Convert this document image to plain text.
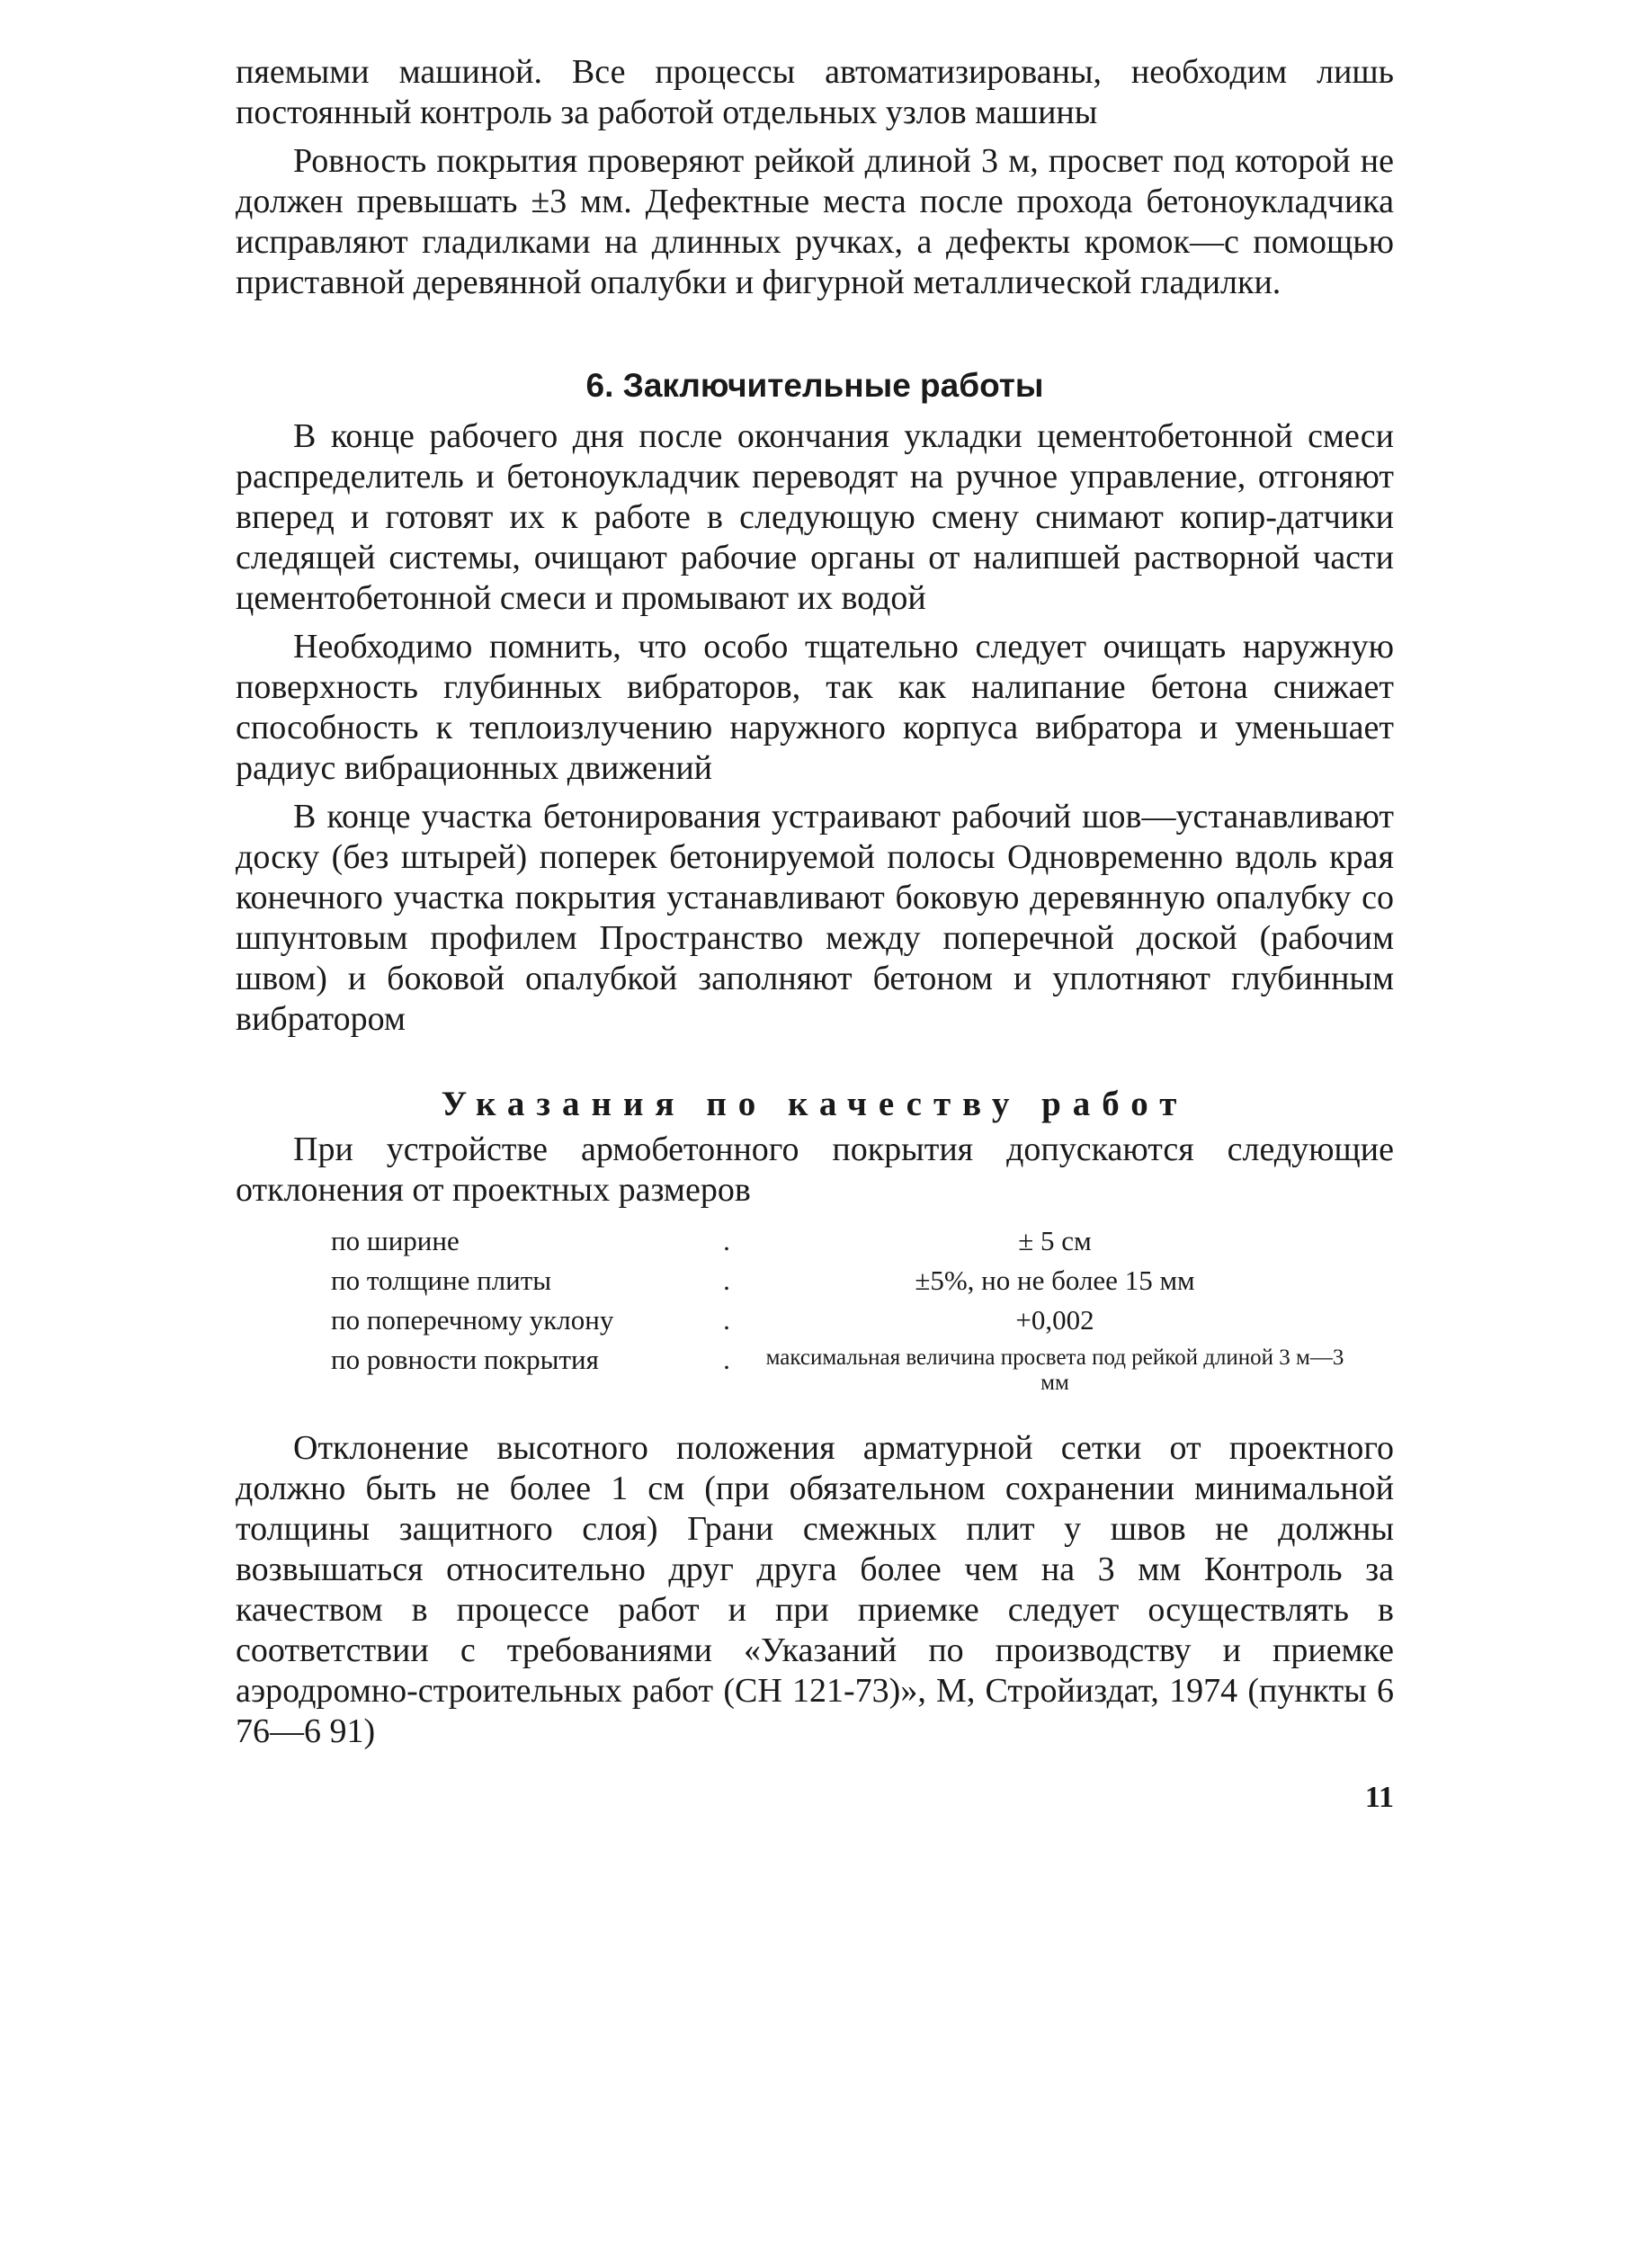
пяемыми машиной. Все процессы автоматизированы, необходим лишь постоянный контроль за работой отдельных узлов машины

Ровность покрытия проверяют рейкой длиной 3 м, просвет под которой не должен превышать ±3 мм. Дефектные места после прохода бетоноукладчика исправляют гладилками на длинных ручках, а дефекты кромок—с помощью приставной деревянной опалубки и фигурной металлической гладилки.

6. Заключительные работы

В конце рабочего дня после окончания укладки цементобетонной смеси распределитель и бетоноукладчик переводят на ручное управление, отгоняют вперед и готовят их к работе в следующую смену снимают копир-датчики следящей системы, очищают рабочие органы от налипшей растворной части цементобетонной смеси и промывают их водой

Необходимо помнить, что особо тщательно следует очищать наружную поверхность глубинных вибраторов, так как налипание бетона снижает способность к теплоизлучению наружного корпуса вибратора и уменьшает радиус вибрационных движений

В конце участка бетонирования устраивают рабочий шов—устанавливают доску (без штырей) поперек бетонируемой полосы Одновременно вдоль края конечного участка покрытия устанавливают боковую деревянную опалубку со шпунтовым профилем Пространство между поперечной доской (рабочим швом) и боковой опалубкой заполняют бетоном и уплотняют глубинным вибратором

Указания по качеству работ

При устройстве армобетонного покрытия допускаются следующие отклонения от проектных размеров

по ширине	.	± 5 см
по толщине плиты	.	±5%, но не более 15 мм
по поперечному уклону	.	+0,002
по ровности покрытия	.	максимальная величина просвета под рейкой длиной 3 м—3 мм

Отклонение высотного положения арматурной сетки от проектного должно быть не более 1 см (при обязательном сохранении минимальной толщины защитного слоя) Грани смежных плит у швов не должны возвышаться относительно друг друга более чем на 3 мм Контроль за качеством в процессе работ и при приемке следует осуществлять в соответствии с требованиями «Указаний по производству и приемке аэродромно-строительных работ (СН 121-73)», М, Стройиздат, 1974 (пункты 6 76—6 91)

11
